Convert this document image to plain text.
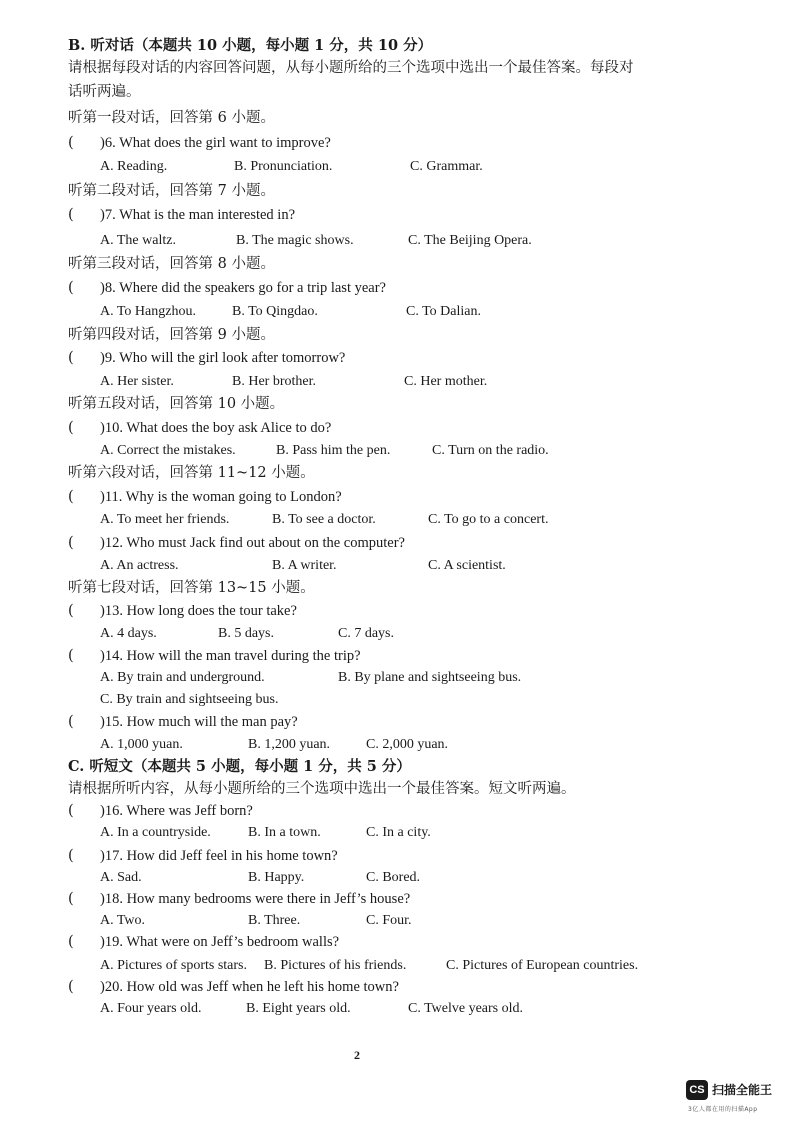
B. 听对话（本题共 10 小题，每小题 1 分，共 10 分）
请根据每段对话的内容回答问题，从每小题所给的三个选项中选出一个最佳答案。每段对
话听两遍。
听第一段对话，回答第 6 小题。
(	)6. What does the girl want to improve?
A. Reading.	B. Pronunciation.	C. Grammar.
听第二段对话，回答第 7 小题。
(	)7. What is the man interested in?
A. The waltz.	B. The magic shows.	C. The Beijing Opera.
听第三段对话，回答第 8 小题。
(	)8. Where did the speakers go for a trip last year?
A. To Hangzhou.	B. To Qingdao.	C. To Dalian.
听第四段对话，回答第 9 小题。
(	)9. Who will the girl look after tomorrow?
A. Her sister.	B. Her brother.	C. Her mother.
听第五段对话，回答第 10 小题。
(	)10. What does the boy ask Alice to do?
A. Correct the mistakes.	B. Pass him the pen.	C. Turn on the radio.
听第六段对话，回答第 11~12 小题。
(	)11. Why is the woman going to London?
A. To meet her friends.	B. To see a doctor.	C. To go to a concert.
(	)12. Who must Jack find out about on the computer?
A. An actress.	B. A writer.	C. A scientist.
听第七段对话，回答第 13~15 小题。
(	)13. How long does the tour take?
A. 4 days.	B. 5 days.	C. 7 days.
(	)14. How will the man travel during the trip?
A. By train and underground.	B. By plane and sightseeing bus.
C. By train and sightseeing bus.
(	)15. How much will the man pay?
A. 1,000 yuan.	B. 1,200 yuan.	C. 2,000 yuan.
C. 听短文（本题共 5 小题，每小题 1 分，共 5 分）
请根据所听内容，从每小题所给的三个选项中选出一个最佳答案。短文听两遍。
(	)16. Where was Jeff born?
A. In a countryside.	B. In a town.	C. In a city.
(	)17. How did Jeff feel in his home town?
A. Sad.	B. Happy.	C. Bored.
(	)18. How many bedrooms were there in Jeff’s house?
A. Two.	B. Three.	C. Four.
(	)19. What were on Jeff’s bedroom walls?
A. Pictures of sports stars. B. Pictures of his friends.	C. Pictures of European countries.
(	)20. How old was Jeff when he left his home town?
A. Four years old.	B. Eight years old.	C. Twelve years old.
2
CS 扫描全能王
3亿人都在用的扫描App
